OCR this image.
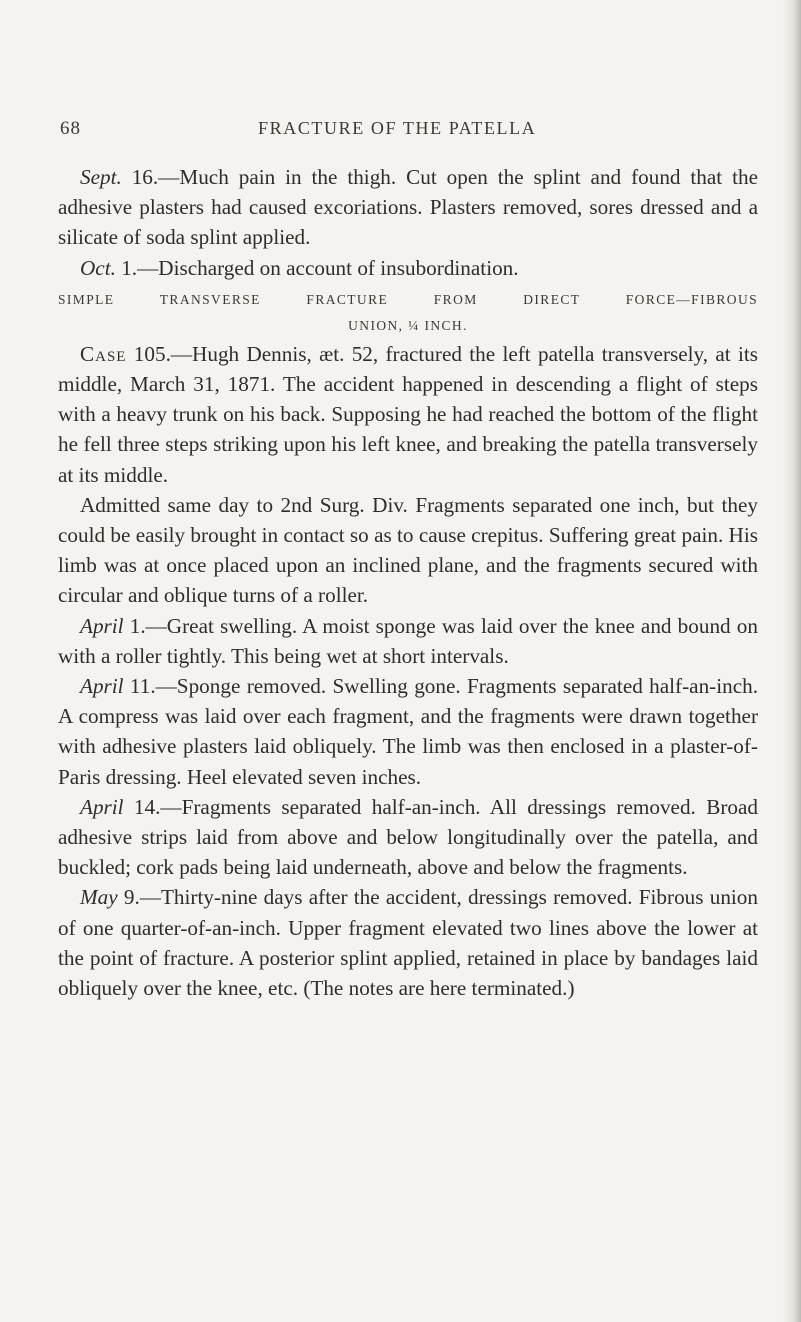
68	FRACTURE OF THE PATELLA

Sept. 16.—Much pain in the thigh. Cut open the splint and found that the adhesive plasters had caused excoriations. Plasters removed, sores dressed and a silicate of soda splint applied.

Oct. 1.—Discharged on account of insubordination.

SIMPLE TRANSVERSE FRACTURE FROM DIRECT FORCE—FIBROUS
UNION, ¼ INCH.

Case 105.—Hugh Dennis, æt. 52, fractured the left patella transversely, at its middle, March 31, 1871. The accident happened in descending a flight of steps with a heavy trunk on his back. Supposing he had reached the bottom of the flight he fell three steps striking upon his left knee, and breaking the patella transversely at its middle.

Admitted same day to 2nd Surg. Div. Fragments separated one inch, but they could be easily brought in contact so as to cause crepitus. Suffering great pain. His limb was at once placed upon an inclined plane, and the fragments secured with circular and oblique turns of a roller.

April 1.—Great swelling. A moist sponge was laid over the knee and bound on with a roller tightly. This being wet at short intervals.

April 11.—Sponge removed. Swelling gone. Fragments separated half-an-inch. A compress was laid over each fragment, and the fragments were drawn together with adhesive plasters laid obliquely. The limb was then enclosed in a plaster-of-Paris dressing. Heel elevated seven inches.

April 14.—Fragments separated half-an-inch. All dressings removed. Broad adhesive strips laid from above and below longitudinally over the patella, and buckled; cork pads being laid underneath, above and below the fragments.

May 9.—Thirty-nine days after the accident, dressings removed. Fibrous union of one quarter-of-an-inch. Upper fragment elevated two lines above the lower at the point of fracture. A posterior splint applied, retained in place by bandages laid obliquely over the knee, etc. (The notes are here terminated.)
